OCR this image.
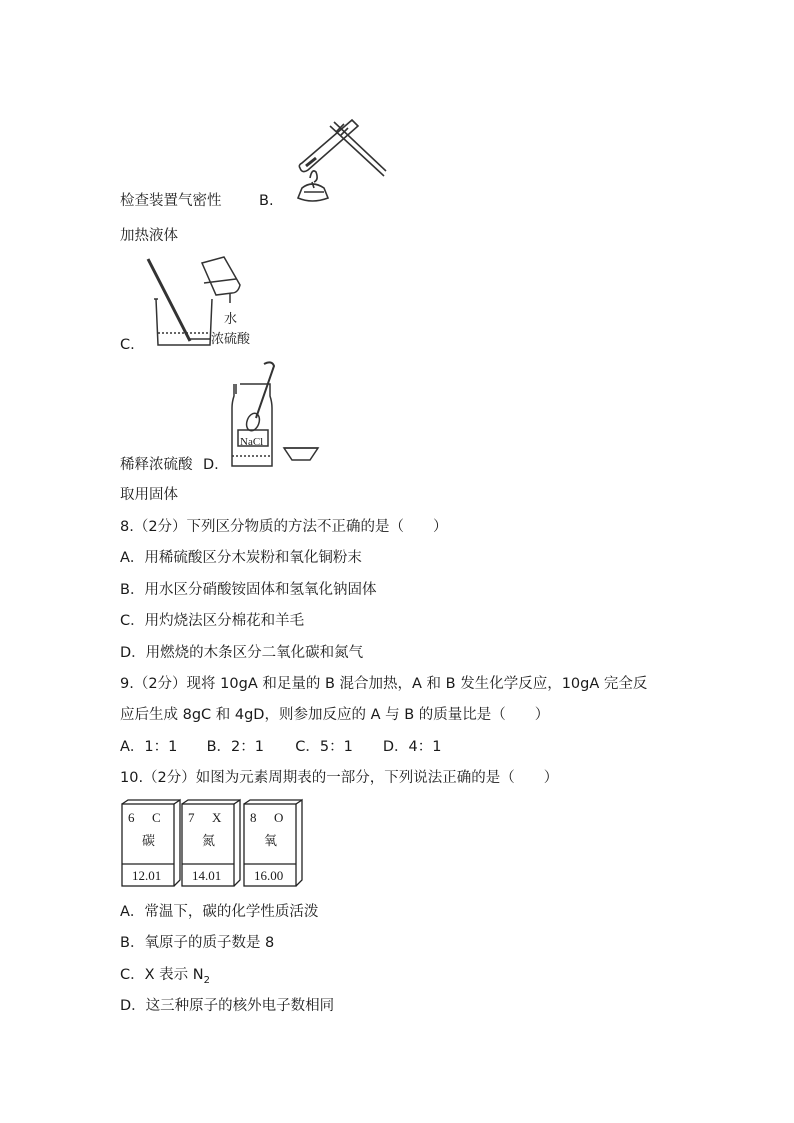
检查装置气密性	B.
加热液体
C.
水
浓硫酸
稀释浓硫酸 D.
NaCl
取用固体
8.（2分）下列区分物质的方法不正确的是（　　）
A．用稀硫酸区分木炭粉和氧化铜粉末
B．用水区分硝酸铵固体和氢氧化钠固体
C．用灼烧法区分棉花和羊毛
D．用燃烧的木条区分二氧化碳和氮气
9.（2分）现将 10gA 和足量的 B 混合加热，A 和 B 发生化学反应，10gA 完全反
应后生成 8gC 和 4gD，则参加反应的 A 与 B 的质量比是（　　）
A．1：1 B．2：1 C．5：1 D．4：1
10.（2分）如图为元素周期表的一部分，下列说法正确的是（　　）
6 C
碳
12.01
7 X
氮
14.01
8 O
氧
16.00
A．常温下，碳的化学性质活泼
B．氧原子的质子数是 8
C．X 表示 $N_2$
D．这三种原子的核外电子数相同
